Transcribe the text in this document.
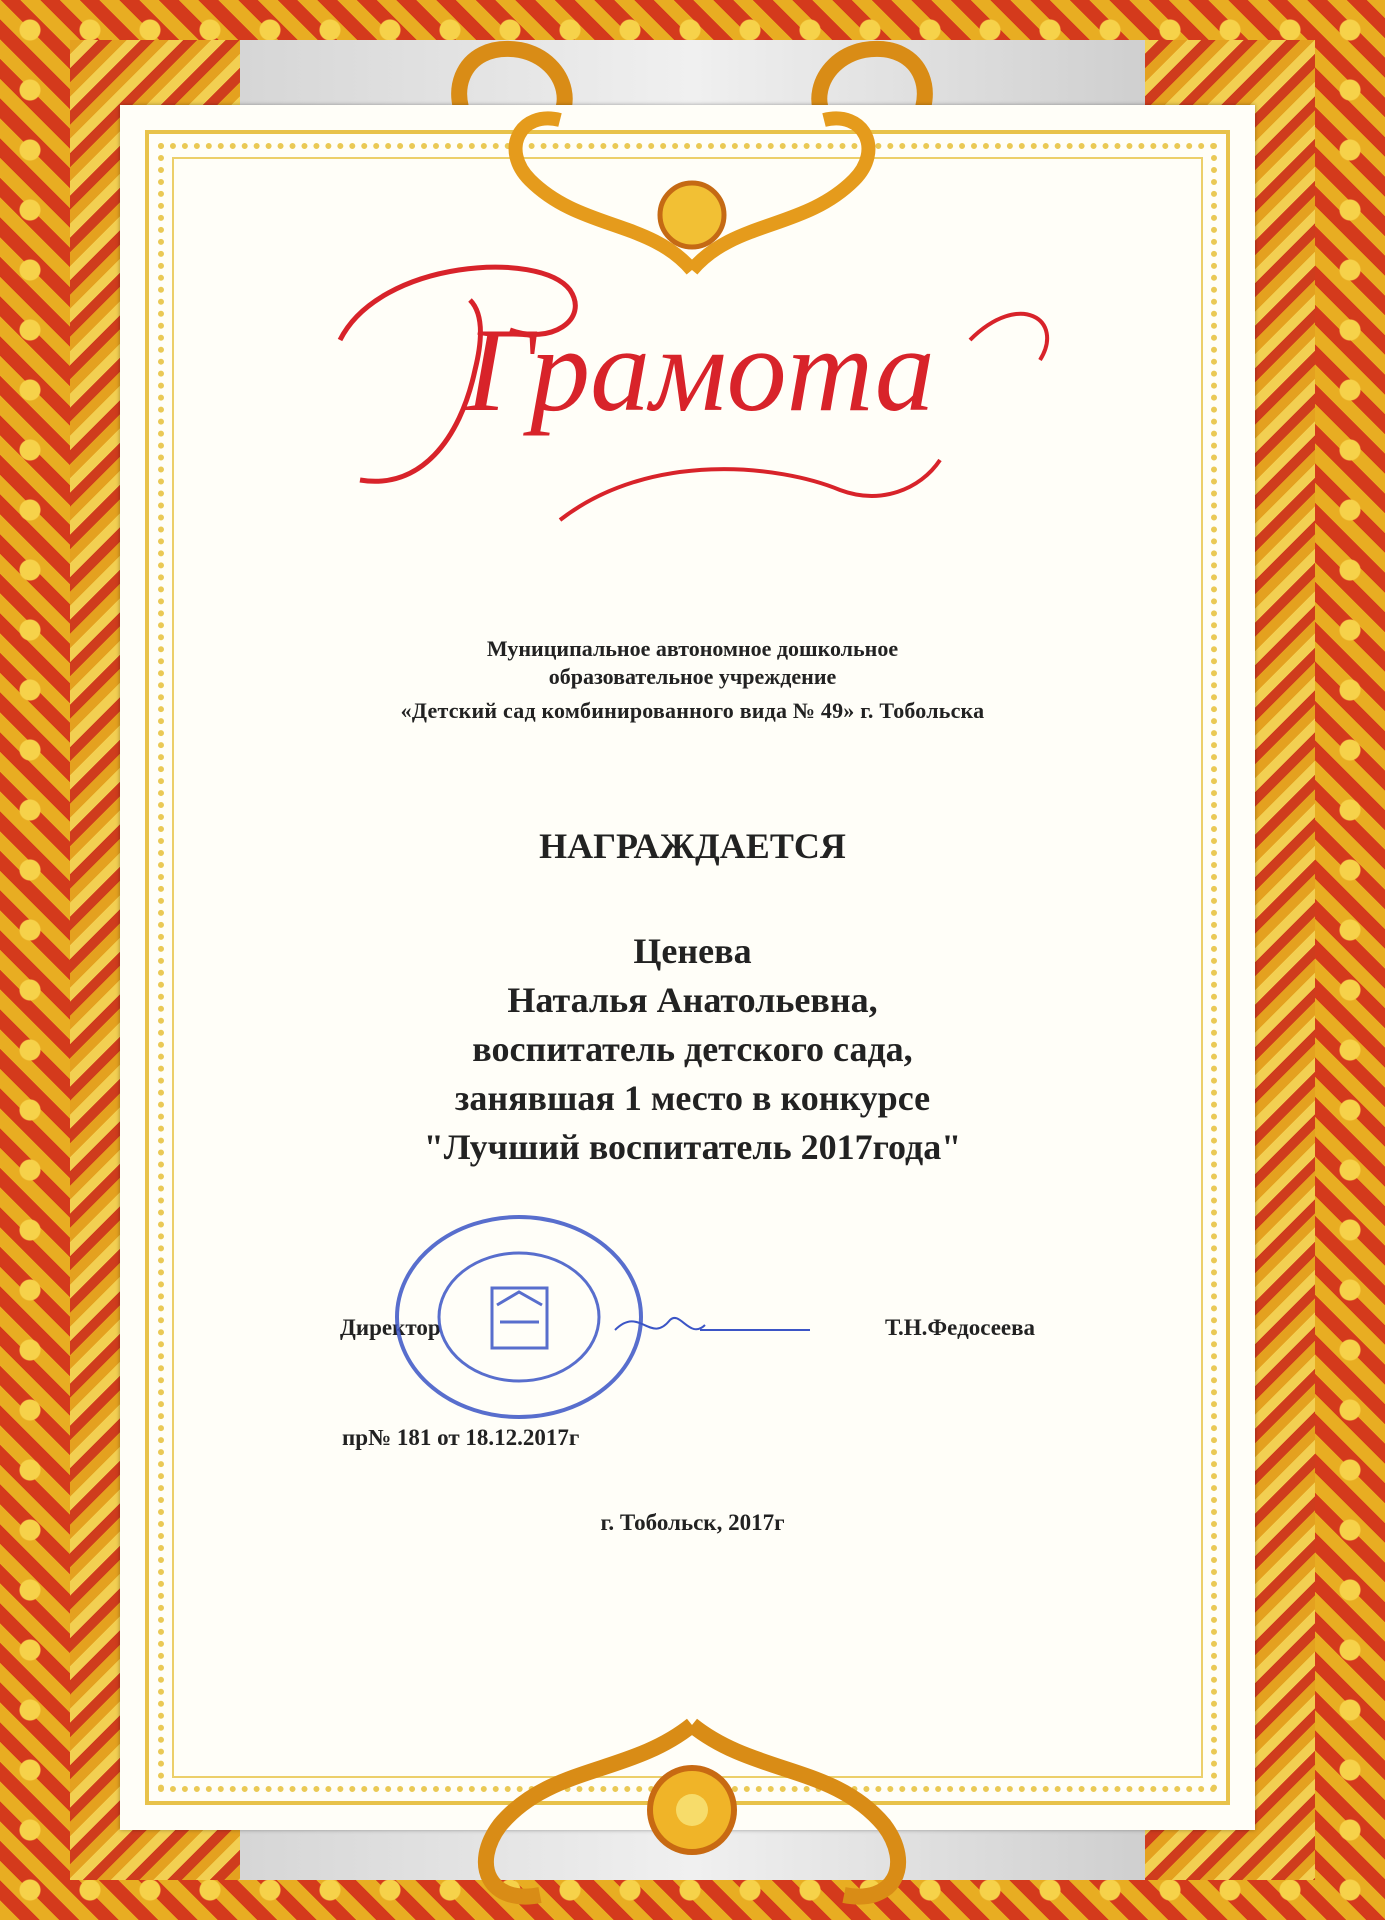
Грамота
Муниципальное автономное дошкольное
образовательное учреждение
«Детский сад комбинированного вида № 49» г. Тобольска
НАГРАЖДАЕТСЯ
Ценева
Наталья Анатольевна,
воспитатель детского сада,
занявшая 1 место в конкурсе
"Лучший воспитатель 2017года"
Директор	Т.Н.Федосеева
пр№ 181 от 18.12.2017г
г. Тобольск, 2017г
